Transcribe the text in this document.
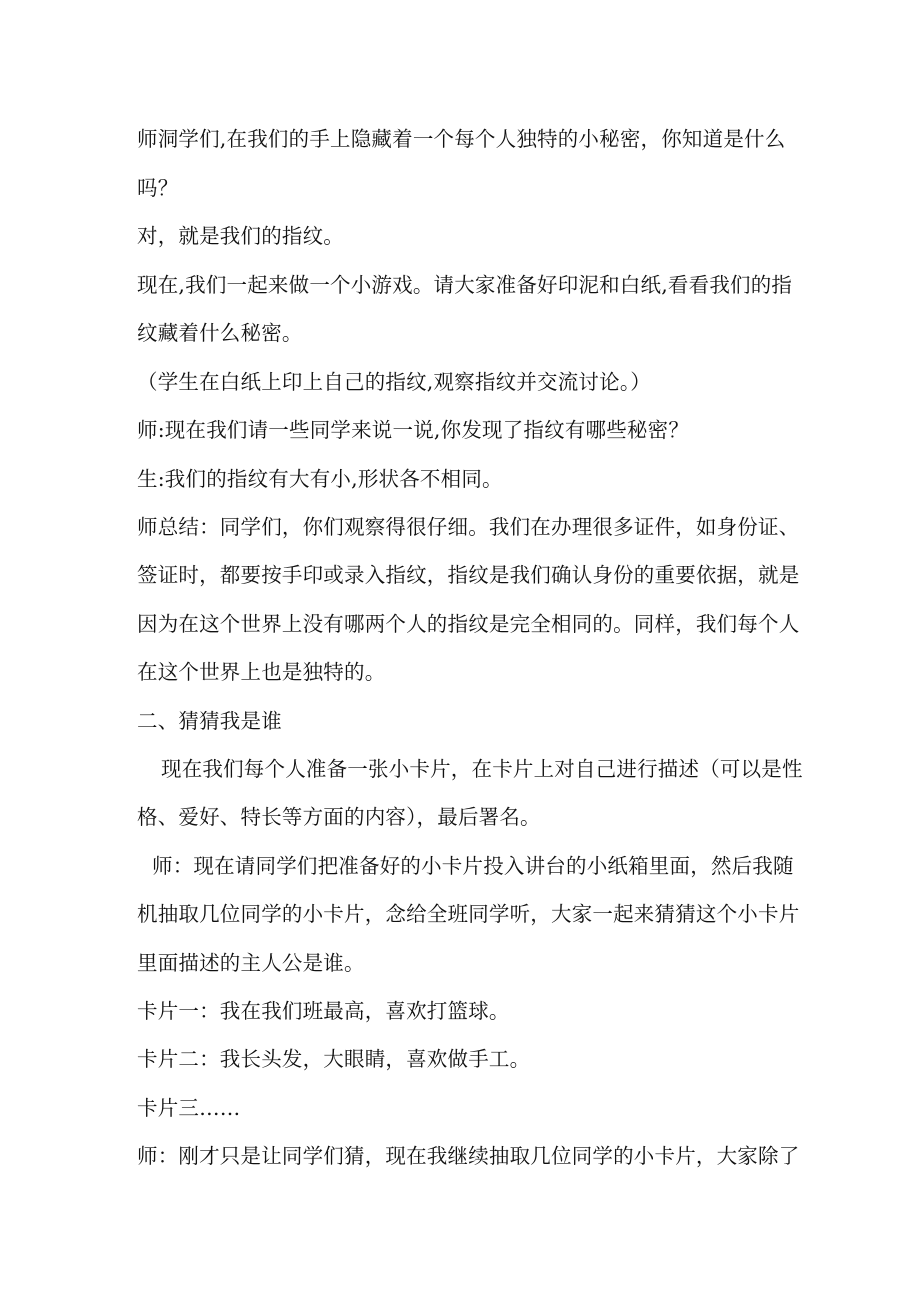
师洞学们,在我们的手上隐藏着一个每个人独特的小秘密，你知道是什么
吗？
对，就是我们的指纹。
现在,我们一起来做一个小游戏。请大家准备好印泥和白纸,看看我们的指
纹藏着什么秘密。
（学生在白纸上印上自己的指纹,观察指纹并交流讨论。）
师:现在我们请一些同学来说一说,你发现了指纹有哪些秘密？
生:我们的指纹有大有小,形状各不相同。
师总结：同学们，你们观察得很仔细。我们在办理很多证件，如身份证、
签证时，都要按手印或录入指纹，指纹是我们确认身份的重要依据，就是
因为在这个世界上没有哪两个人的指纹是完全相同的。同样，我们每个人
在这个世界上也是独特的。
二、猜猜我是谁
现在我们每个人准备一张小卡片，在卡片上对自己进行描述（可以是性
格、爱好、特长等方面的内容），最后署名。
师：现在请同学们把准备好的小卡片投入讲台的小纸箱里面，然后我随
机抽取几位同学的小卡片，念给全班同学听，大家一起来猜猜这个小卡片
里面描述的主人公是谁。
卡片一：我在我们班最高，喜欢打篮球。
卡片二：我长头发，大眼睛，喜欢做手工。
卡片三……
师：刚才只是让同学们猜，现在我继续抽取几位同学的小卡片，大家除了
